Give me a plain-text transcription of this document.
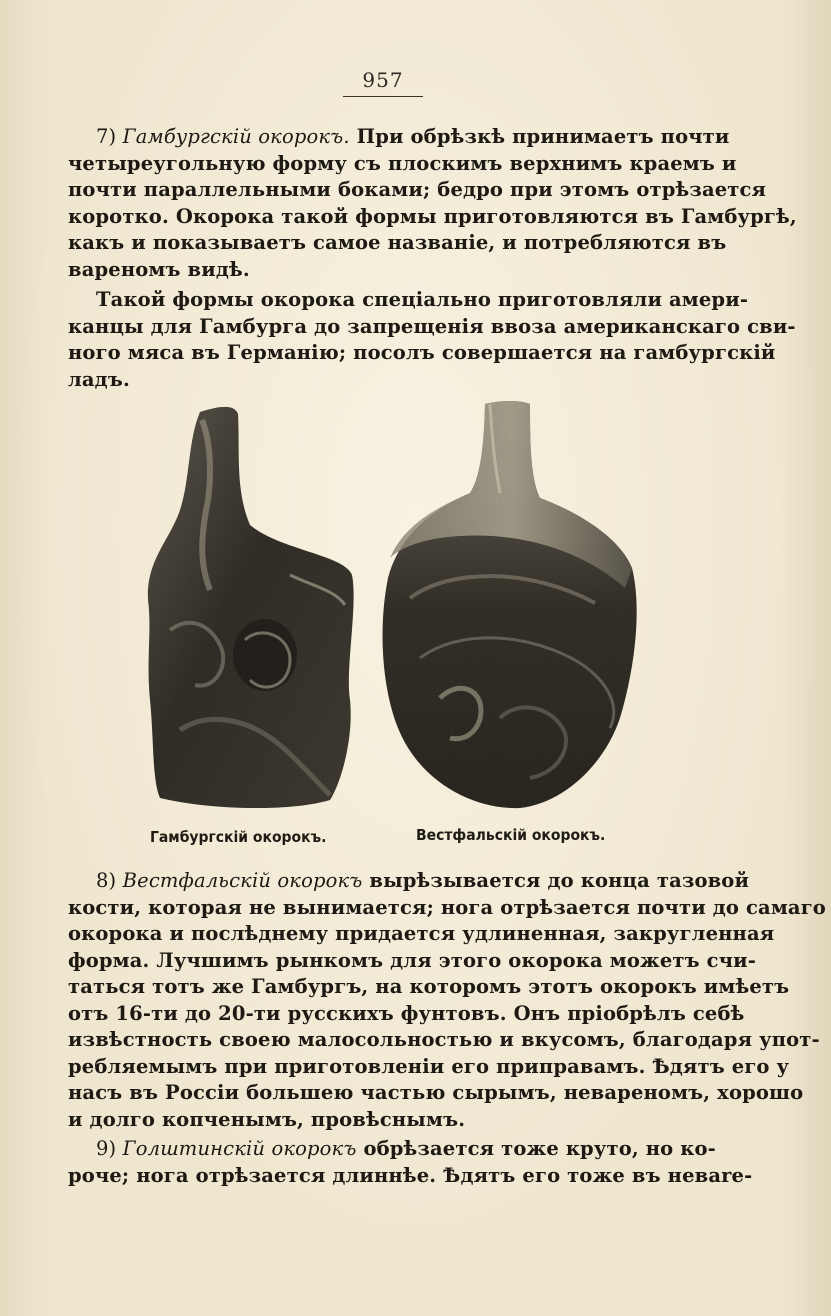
957
7) Гамбургскій окорокъ. При обрѣзкѣ принимаетъ почти
четыреугольную форму съ плоскимъ верхнимъ краемъ и
почти параллельными боками; бедро при этомъ отрѣзается
коротко. Окорока такой формы приготовляются въ Гамбургѣ,
какъ и показываетъ самое названіе, и потребляются въ
вареномъ видѣ.
Такой формы окорока спеціально приготовляли амери-
канцы для Гамбурга до запрещенія ввоза американскаго сви-
ного мяса въ Германію; посолъ совершается на гамбургскій
ладъ.
Гамбургскій окорокъ.	Вестфальскій окорокъ.
8) Вестфальскій окорокъ вырѣзывается до конца тазовой
кости, которая не вынимается; нога отрѣзается почти до самаго
окорока и послѣднему придается удлиненная, закругленная
форма. Лучшимъ рынкомъ для этого окорока можетъ счи-
таться тотъ же Гамбургъ, на которомъ этотъ окорокъ имѣетъ
отъ 16-ти до 20-ти русскихъ фунтовъ. Онъ пріобрѣлъ себѣ
извѣстность своею малосольностью и вкусомъ, благодаря упот-
ребляемымъ при приготовленіи его приправамъ. Ѣдятъ его у
насъ въ Россіи большею частью сырымъ, невареномъ, хорошо
и долго копченымъ, провѣснымъ.
9) Голштинскій окорокъ обрѣзается тоже круто, но ко-
роче; нога отрѣзается длиннѣе. Ѣдятъ его тоже въ невare-
